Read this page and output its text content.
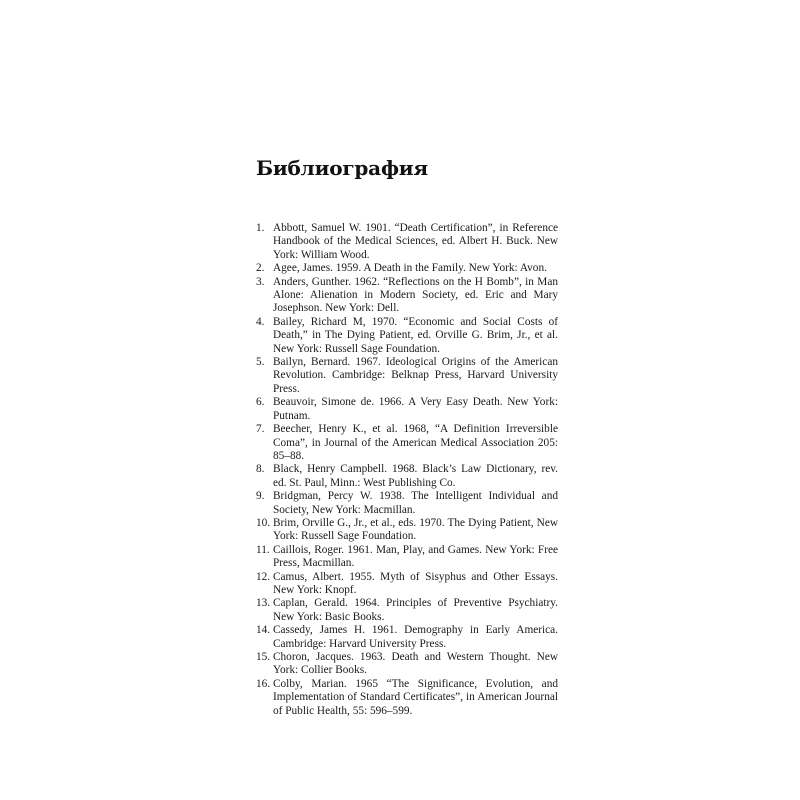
Библиография
1. Abbott, Samuel W. 1901. “Death Certification”, in Reference Handbook of the Medical Sciences, ed. Albert H. Buck. New York: William Wood.
2. Agee, James. 1959. A Death in the Family. New York: Avon.
3. Anders, Gunther. 1962. “Reflections on the H Bomb”, in Man Alone: Alienation in Modern Society, ed. Eric and Mary Josephson. New York: Dell.
4. Bailey, Richard M, 1970. “Economic and Social Costs of Death,” in The Dying Patient, ed. Orville G. Brim, Jr., et al. New York: Russell Sage Foundation.
5. Bailyn, Bernard. 1967. Ideological Origins of the American Revolution. Cambridge: Belknap Press, Harvard University Press.
6. Beauvoir, Simone de. 1966. A Very Easy Death. New York: Putnam.
7. Beecher, Henry K., et al. 1968, “A Definition Irreversible Coma”, in Journal of the American Medical Association 205: 85–88.
8. Black, Henry Campbell. 1968. Black’s Law Dictionary, rev. ed. St. Paul, Minn.: West Publishing Co.
9. Bridgman, Percy W. 1938. The Intelligent Individual and Society, New York: Macmillan.
10. Brim, Orville G., Jr., et al., eds. 1970. The Dying Patient, New York: Russell Sage Foundation.
11. Caillois, Roger. 1961. Man, Play, and Games. New York: Free Press, Macmillan.
12. Camus, Albert. 1955. Myth of Sisyphus and Other Essays. New York: Knopf.
13. Caplan, Gerald. 1964. Principles of Preventive Psychiatry. New York: Basic Books.
14. Cassedy, James H. 1961. Demography in Early America. Cambridge: Harvard University Press.
15. Choron, Jacques. 1963. Death and Western Thought. New York: Collier Books.
16. Colby, Marian. 1965 “The Significance, Evolution, and Implementation of Standard Certificates”, in American Journal of Public Health, 55: 596–599.
